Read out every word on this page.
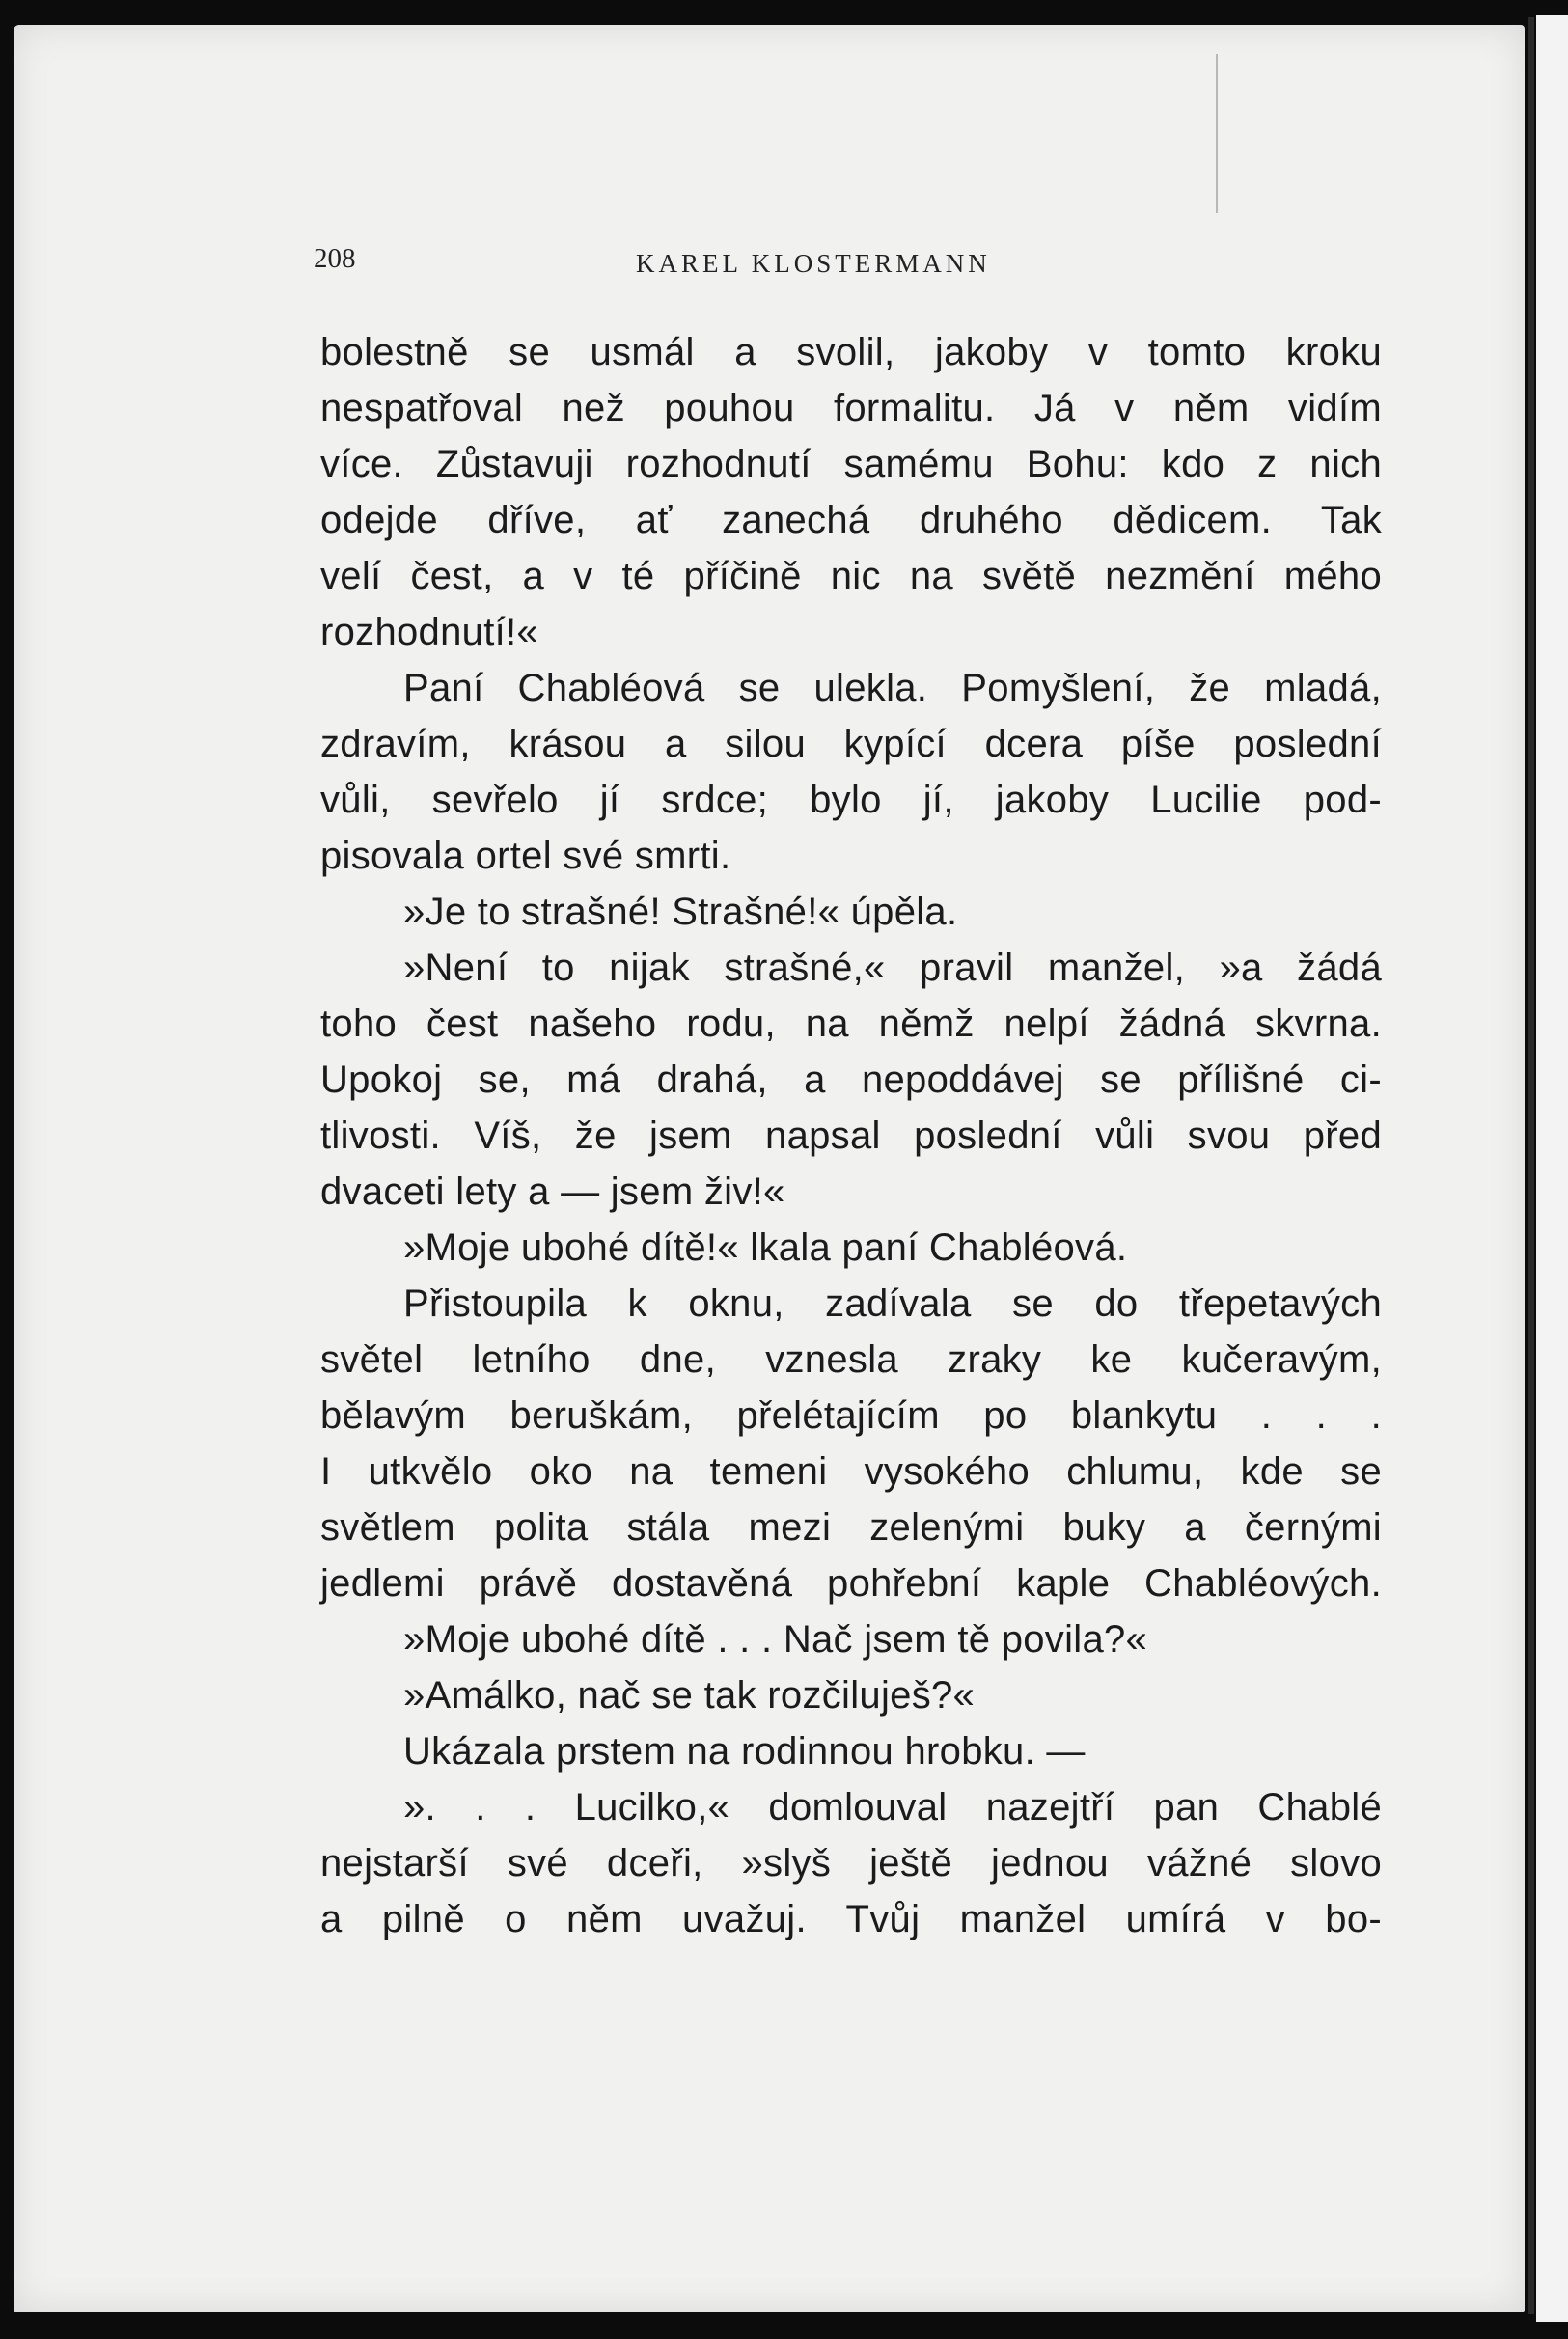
208	KAREL KLOSTERMANN
bolestně se usmál a svolil, jakoby v tomto kroku
nespatřoval než pouhou formalitu. Já v něm vidím
více. Zůstavuji rozhodnutí samému Bohu: kdo z nich
odejde dříve, ať zanechá druhého dědicem. Tak
velí čest, a v té příčině nic na světě nezmění mého
rozhodnutí!«
Paní Chabléová se ulekla. Pomyšlení, že mladá,
zdravím, krásou a silou kypící dcera píše poslední
vůli, sevřelo jí srdce; bylo jí, jakoby Lucilie pod-
pisovala ortel své smrti.
»Je to strašné! Strašné!« úpěla.
»Není to nijak strašné,« pravil manžel, »a žádá
toho čest našeho rodu, na němž nelpí žádná skvrna.
Upokoj se, má drahá, a nepoddávej se přílišné ci-
tlivosti. Víš, že jsem napsal poslední vůli svou před
dvaceti lety a — jsem živ!«
»Moje ubohé dítě!« lkala paní Chabléová.
Přistoupila k oknu, zadívala se do třepetavých
světel letního dne, vznesla zraky ke kučeravým,
bělavým beruškám, přelétajícím po blankytu . . .
I utkvělo oko na temeni vysokého chlumu, kde se
světlem polita stála mezi zelenými buky a černými
jedlemi právě dostavěná pohřební kaple Chabléových.
»Moje ubohé dítě . . . Nač jsem tě povila?«
»Amálko, nač se tak rozčiluješ?«
Ukázala prstem na rodinnou hrobku. —
». . . Lucilko,« domlouval nazejtří pan Chablé
nejstarší své dceři, »slyš ještě jednou vážné slovo
a pilně o něm uvažuj. Tvůj manžel umírá v bo-
